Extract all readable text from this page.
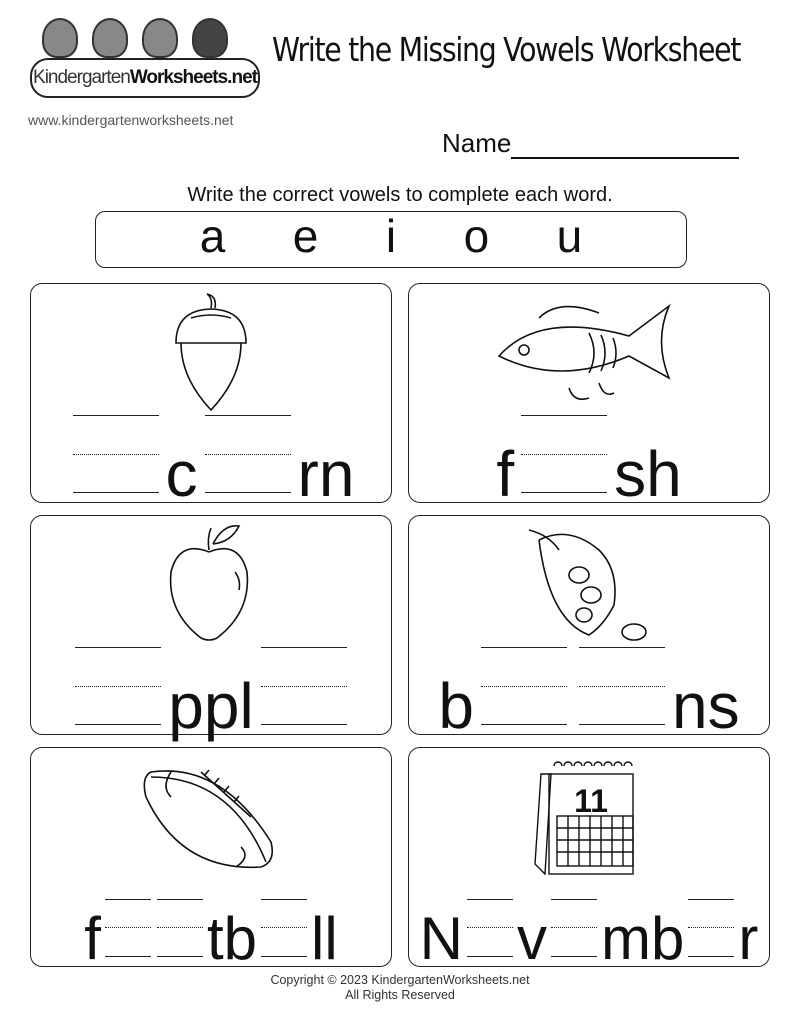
Kindergarten Worksheets.net
www.kindergartenworksheets.net
Write the Missing Vowels Worksheet
Name
Write the correct vowels to complete each word.
a e i o u
c rn f sh
ppl	b	ns
f tb ll
11
N v mb r
Copyright © 2023 KindergartenWorksheets.net
All Rights Reserved
